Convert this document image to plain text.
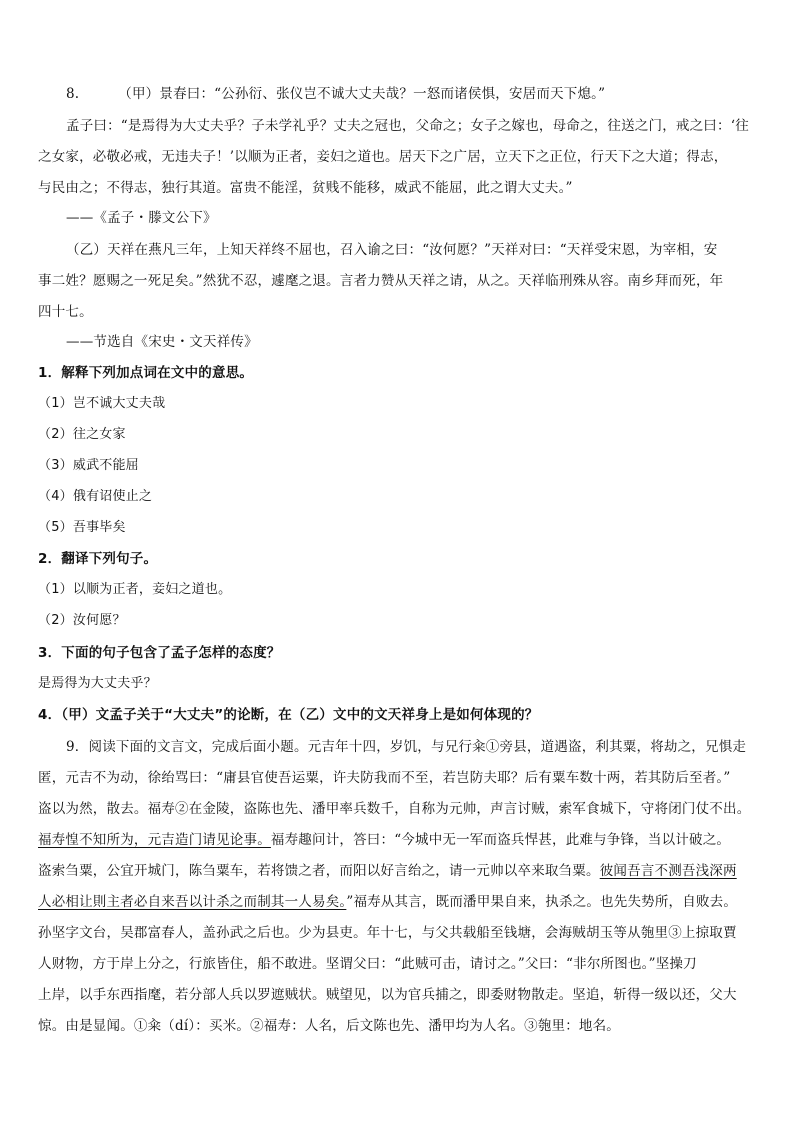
8.	（甲）景春曰：“公孙衍、张仪岂不诚大丈夫哉？一怒而诸侯惧，安居而天下熄。”
孟子曰：“是焉得为大丈夫乎？子未学礼乎？丈夫之冠也，父命之；女子之嫁也，母命之，往送之门，戒之曰：‘往
之女家，必敬必戒，无违夫子！’以顺为正者，妾妇之道也。居天下之广居，立天下之正位，行天下之大道；得志，
与民由之；不得志，独行其道。富贵不能淫，贫贱不能移，威武不能屈，此之谓大丈夫。”
——《孟子・滕文公下》
（乙）天祥在燕凡三年，上知天祥终不屈也，召入谕之曰：“汝何愿？”天祥对曰：“天祥受宋恩，为宰相，安
事二姓？愿赐之一死足矣。”然犹不忍，遽麾之退。言者力赞从天祥之请，从之。天祥临刑殊从容。南乡拜而死，年
四十七。
——节选自《宋史・文天祥传》
1．解释下列加点词在文中的意思。
（1）岂不诚大丈夫哉
（2）往之女家
（3）威武不能屈
（4）俄有诏使止之
（5）吾事毕矣
2．翻译下列句子。
（1）以顺为正者，妾妇之道也。
（2）汝何愿？
3．下面的句子包含了孟子怎样的态度？
是焉得为大丈夫乎？
4．（甲）文孟子关于“大丈夫”的论断，在（乙）文中的文天祥身上是如何体现的？
9．阅读下面的文言文，完成后面小题。元吉年十四，岁饥，与兄行籴①旁县，道遇盗，利其粟，将劫之，兄惧走
匿，元吉不为动，徐绐骂曰：“庸县官使吾运粟，许夫防我而不至，若岂防夫耶？后有粟车数十两，若其防后至者。”
盗以为然，散去。福寿②在金陵，盗陈也先、潘甲率兵数千，自称为元帅，声言讨贼，索军食城下，守将闭门仗不出。
福寿惶不知所为，元吉造门请见论事。福寿趣问计，答曰：“今城中无一军而盗兵悍甚，此难与争锋，当以计破之。
盗索刍粟，公宜开城门，陈刍粟车，若将馈之者，而阳以好言绐之，请一元帅以卒来取刍粟。彼闻吾言不测吾浅深两
人必相让則主者必自来吾以计杀之而制其一人易矣。”福寿从其言，既而潘甲果自来，执杀之。也先失势所，自败去。
孙坚字文台，吴郡富春人，盖孙武之后也。少为县吏。年十七，与父共载船至钱塘，会海贼胡玉等从匏里③上掠取賈
人财物，方于岸上分之，行旅皆住，船不敢进。坚谓父曰：“此贼可击，请讨之。”父曰：“非尔所图也。”坚操刀
上岸，以手东西指麾，若分部人兵以罗遮贼状。贼望见，以为官兵捕之，即委财物散走。坚追，斩得一级以还，父大
惊。由是显闻。①籴（dí）：买米。②福寿：人名，后文陈也先、潘甲均为人名。③匏里：地名。
